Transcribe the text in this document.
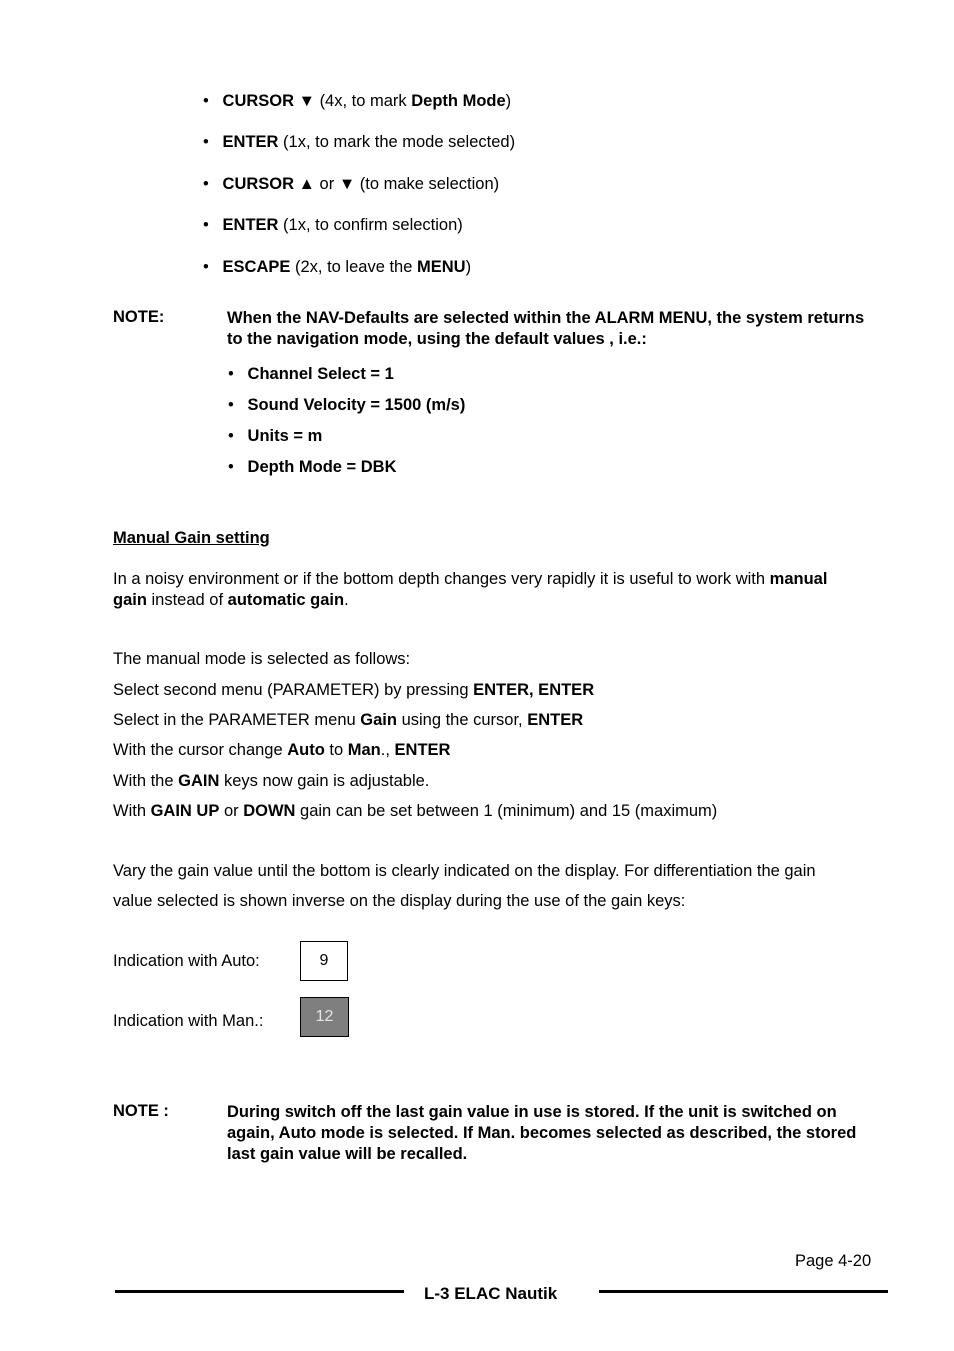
• CURSOR ▼ (4x, to mark Depth Mode)
• ENTER (1x, to mark the mode selected)
• CURSOR ▲ or ▼ (to make selection)
• ENTER (1x, to confirm selection)
• ESCAPE (2x, to leave the MENU)
NOTE:	When the NAV-Defaults are selected within the ALARM MENU, the system returns to the navigation mode, using the default values , i.e.:
• Channel Select = 1
• Sound Velocity = 1500 (m/s)
• Units = m
• Depth Mode = DBK
Manual Gain setting
In a noisy environment or if the bottom depth changes very rapidly it is useful to work with manual
gain instead of automatic gain.
The manual mode is selected as follows:
Select second menu (PARAMETER) by pressing ENTER, ENTER
Select in the PARAMETER menu Gain using the cursor, ENTER
With the cursor change Auto to Man., ENTER
With the GAIN keys now gain is adjustable.
With GAIN UP or DOWN gain can be set between 1 (minimum) and 15 (maximum)
Vary the gain value until the bottom is clearly indicated on the display. For differentiation the gain
value selected is shown inverse on the display during the use of the gain keys:
Indication with Auto:	9
Indication with Man.:	12
NOTE :	During switch off the last gain value in use is stored. If the unit is switched on again, Auto mode is selected. If Man. becomes selected as described, the stored last gain value will be recalled.
Page 4-20
L-3 ELAC Nautik
